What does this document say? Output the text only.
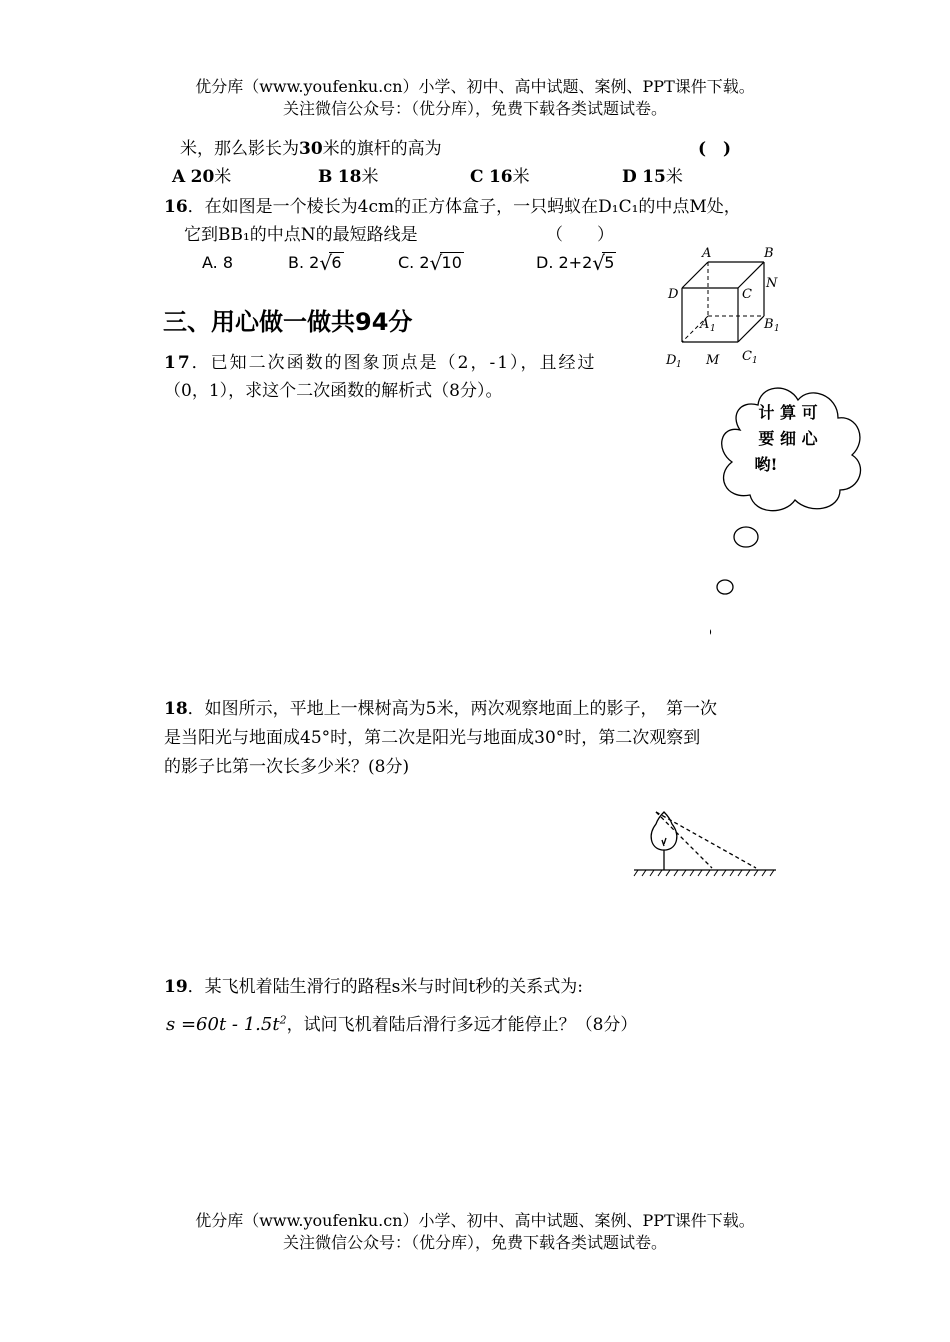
优分库（www.youfenku.cn）小学、初中、高中试题、案例、PPT课件下载。
关注微信公众号：（优分库），免费下载各类试题试卷。
米，那么影长为30米的旗杆的高为	(　)
A 20米	B 18米	C 16米	D 15米
16．在如图是一个棱长为4cm的正方体盒子，一只蚂蚁在D₁C₁的中点M处，
它到BB₁的中点N的最短路线是	（　　）
A. 8	B. 2 √ 6	C. 2 √ 10	D. 2+2 √ 5	A	B
D	C
N
A 1	B 1
D 1 M C 1
三、用心做一做共94分
17．已知二次函数的图象顶点是（2，-1），且经过
（0，1），求这个二次函数的解析式（8分）。
计 算 可
要 细 心
哟!
18．如图所示，平地上一棵树高为5米，两次观察地面上的影子，　第一次
是当阳光与地面成45°时，第二次是阳光与地面成30°时，第二次观察到
的影子比第一次长多少米？(8分)
19．某飞机着陆生滑行的路程s米与时间t秒的关系式为:
$s =60t - 1.5t^2$，试问飞机着陆后滑行多远才能停止？（8分）
优分库（www.youfenku.cn）小学、初中、高中试题、案例、PPT课件下载。
关注微信公众号：（优分库），免费下载各类试题试卷。
